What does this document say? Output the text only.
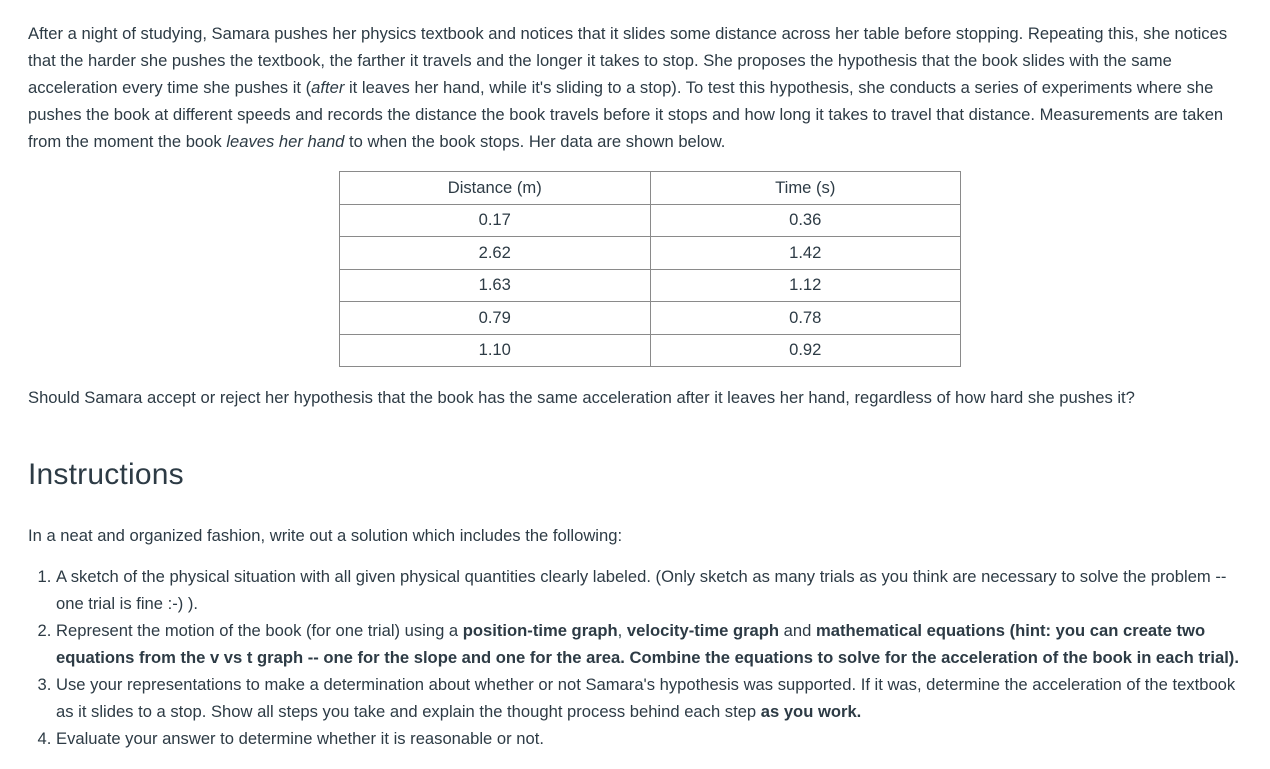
After a night of studying, Samara pushes her physics textbook and notices that it slides some distance across her table before stopping. Repeating this, she notices that the harder she pushes the textbook, the farther it travels and the longer it takes to stop. She proposes the hypothesis that the book slides with the same acceleration every time she pushes it (after it leaves her hand, while it's sliding to a stop). To test this hypothesis, she conducts a series of experiments where she pushes the book at different speeds and records the distance the book travels before it stops and how long it takes to travel that distance. Measurements are taken from the moment the book leaves her hand to when the book stops. Her data are shown below.

Distance (m)	Time (s)
0.17	0.36
2.62	1.42
1.63	1.12
0.79	0.78
1.10	0.92

Should Samara accept or reject her hypothesis that the book has the same acceleration after it leaves her hand, regardless of how hard she pushes it?

Instructions

In a neat and organized fashion, write out a solution which includes the following:

1. A sketch of the physical situation with all given physical quantities clearly labeled. (Only sketch as many trials as you think are necessary to solve the problem -- one trial is fine :-) ).
2. Represent the motion of the book (for one trial) using a position-time graph, velocity-time graph and mathematical equations (hint: you can create two equations from the v vs t graph -- one for the slope and one for the area. Combine the equations to solve for the acceleration of the book in each trial).
3. Use your representations to make a determination about whether or not Samara's hypothesis was supported. If it was, determine the acceleration of the textbook as it slides to a stop. Show all steps you take and explain the thought process behind each step as you work.
4. Evaluate your answer to determine whether it is reasonable or not.
